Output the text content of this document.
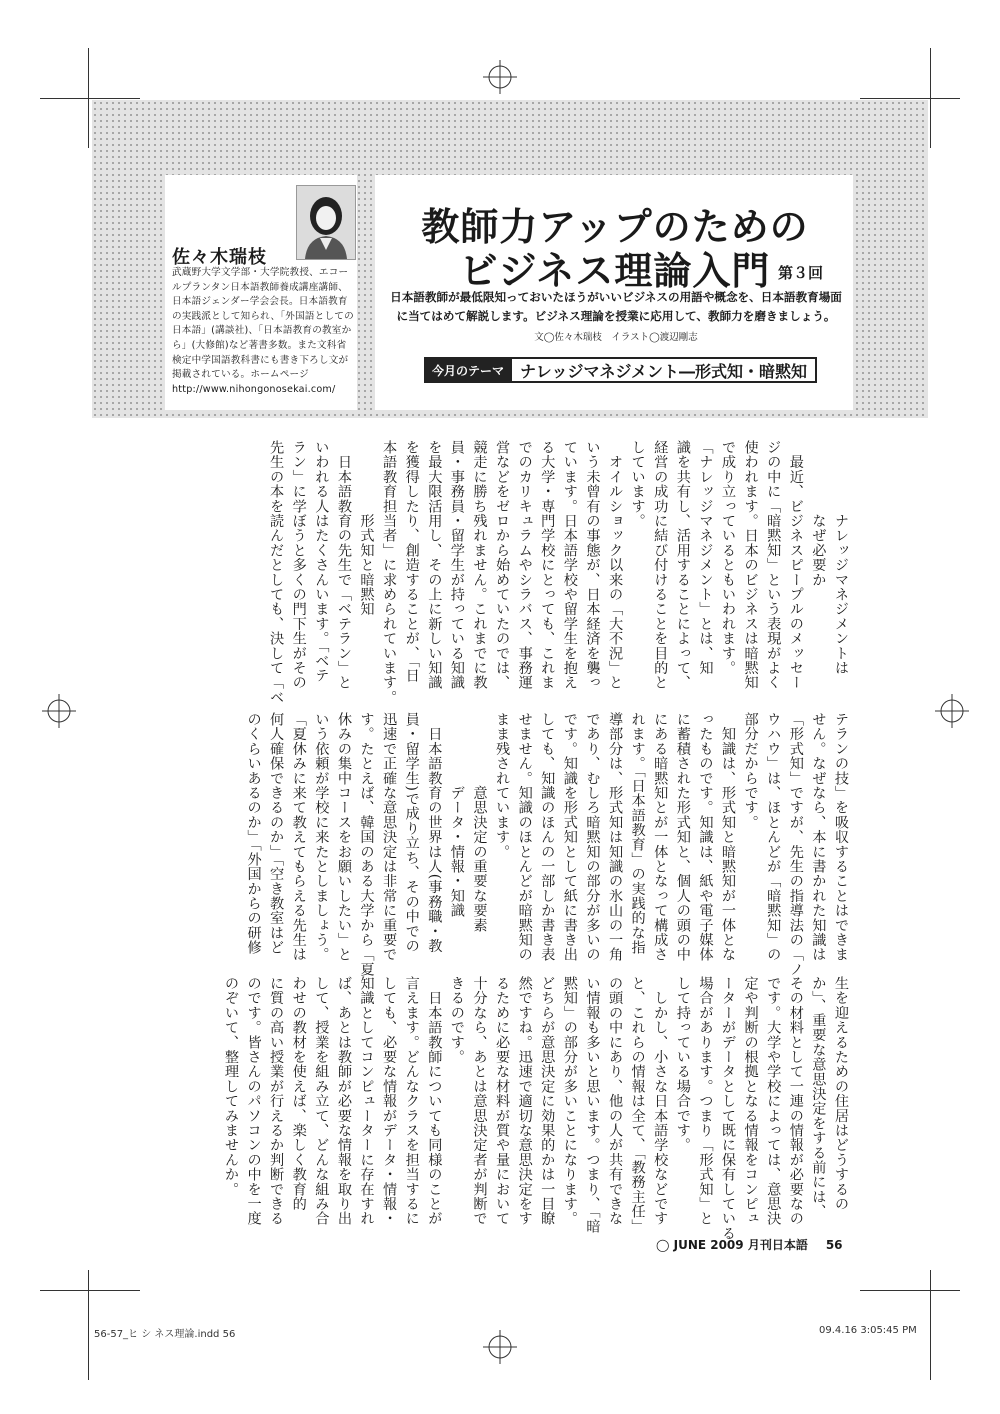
佐々木瑞枝
武蔵野大学文学部・大学院教授、エコールプランタン日本語教師養成講座講師、日本語ジェンダー学会会長。日本語教育の実践派として知られ、「外国語としての日本語」(講談社)、「日本語教育の教室から」(大修館)など著書多数。また文科省検定中学国語教科書にも書き下ろし文が掲載されている。ホームページ http://www.nihongonosekai.com/
教師力アップのための
ビジネス理論入門 第３回
日本語教師が最低限知っておいたほうがいいビジネスの用語や概念を、日本語教育場面に当てはめて解説します。ビジネス理論を授業に応用して、教師力を磨きましょう。
文◯佐々木瑞枝　イラスト◯渡辺剛志
今月のテーマ	ナレッジマネジメント―形式知・暗黙知
　　　　　ナレッジマネジメントは
　　　　　なぜ必要か
　最近、ビジネスピープルのメッセー
ジの中に「暗黙知」という表現がよく
使われます。日本のビジネスは暗黙知
で成り立っているともいわれます。
「ナレッジマネジメント」とは、知
識を共有し、活用することによって、
経営の成功に結び付けることを目的と
しています。
　オイルショック以来の「大不況」と
いう未曾有の事態が、日本経済を襲っ
ています。日本語学校や留学生を抱え
る大学・専門学校にとっても、これま
でのカリキュラムやシラバス、事務運
営などをゼロから始めていたのでは、
競走に勝ち残れません。これまでに教
員・事務員・留学生が持っている知識
を最大限活用し、その上に新しい知識
を獲得したり、創造することが、「日
本語教育担当者」に求められています。
　　　　　形式知と暗黙知
　日本語教育の先生で「ベテラン」と
いわれる人はたくさんいます。「ベテ
ラン」に学ぼうと多くの門下生がその
先生の本を読んだとしても、決して「ベ
テランの技」を吸収することはできま
せん。なぜなら、本に書かれた知識は
「形式知」ですが、先生の指導法の「ノ
ウハウ」は、ほとんどが「暗黙知」の
部分だからです。
　知識は、形式知と暗黙知が一体とな
ったものです。知識は、紙や電子媒体
に蓄積された形式知と、個人の頭の中
にある暗黙知とが一体となって構成さ
れます。「日本語教育」の実践的な指
導部分は、形式知は知識の氷山の一角
であり、むしろ暗黙知の部分が多いの
です。知識を形式知として紙に書き出
しても、知識のほんの一部しか書き表
せません。知識のほとんどが暗黙知の
まま残されています。
　　　　　意思決定の重要な要素
　　　　　データ・情報・知識
　日本語教育の世界は人(事務職・教
員・留学生)で成り立ち、その中での
迅速で正確な意思決定は非常に重要で
す。たとえば、韓国のある大学から「夏
休みの集中コースをお願いしたい」と
いう依頼が学校に来たとしましょう。
「夏休みに来て教えてもらえる先生は
何人確保できるのか」「空き教室はど
のくらいあるのか」「外国からの研修
生を迎えるための住居はどうするの
か」、重要な意思決定をする前には、
その材料として一連の情報が必要なの
です。大学や学校によっては、意思決
定や判断の根拠となる情報をコンピュ
ーターがデータとして既に保有している
場合があります。つまり「形式知」と
して持っている場合です。
　しかし、小さな日本語学校などです
と、これらの情報は全て、「教務主任」
の頭の中にあり、他の人が共有できな
い情報も多いと思います。つまり、「暗
黙知」の部分が多いことになります。
どちらが意思決定に効果的かは一目瞭
然ですね。迅速で適切な意思決定をす
るために必要な材料が質や量において
十分なら、あとは意思決定者が判断で
きるのです。
　日本語教師についても同様のことが
言えます。どんなクラスを担当するに
しても、必要な情報がデータ・情報・
知識としてコンピューターに存在すれ
ば、あとは教師が必要な情報を取り出
して、授業を組み立て、どんな組み合
わせの教材を使えば、楽しく教育的
に質の高い授業が行えるか判断できる
のです。皆さんのパソコンの中を一度
のぞいて、整理してみませんか。
◯ JUNE 2009 月刊日本語 56
56-57_ヒ シ ネス理論.indd 56	09.4.16 3:05:45 PM
